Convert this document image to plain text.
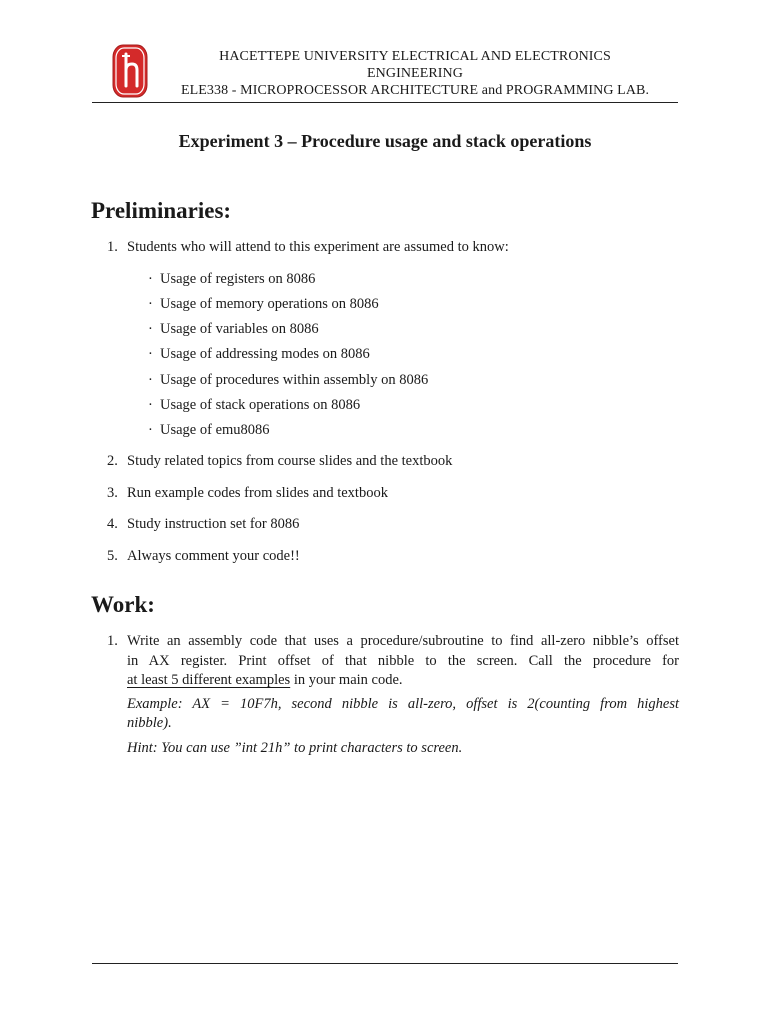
HACETTEPE UNIVERSITY ELECTRICAL AND ELECTRONICS
ENGINEERING
ELE338 - MICROPROCESSOR ARCHITECTURE and PROGRAMMING LAB.
Experiment 3 – Procedure usage and stack operations
Preliminaries:
1. Students who will attend to this experiment are assumed to know:
· Usage of registers on 8086
· Usage of memory operations on 8086
· Usage of variables on 8086
· Usage of addressing modes on 8086
· Usage of procedures within assembly on 8086
· Usage of stack operations on 8086
· Usage of emu8086
2. Study related topics from course slides and the textbook
3. Run example codes from slides and textbook
4. Study instruction set for 8086
5. Always comment your code!!
Work:
1. Write an assembly code that uses a procedure/subroutine to find all-zero nibble’s offset
in AX register. Print offset of that nibble to the screen. Call the procedure for
at least 5 different examples in your main code.
Example: AX = 10F7h, second nibble is all-zero, offset is 2(counting from highest
nibble).
Hint: You can use ”int 21h” to print characters to screen.
